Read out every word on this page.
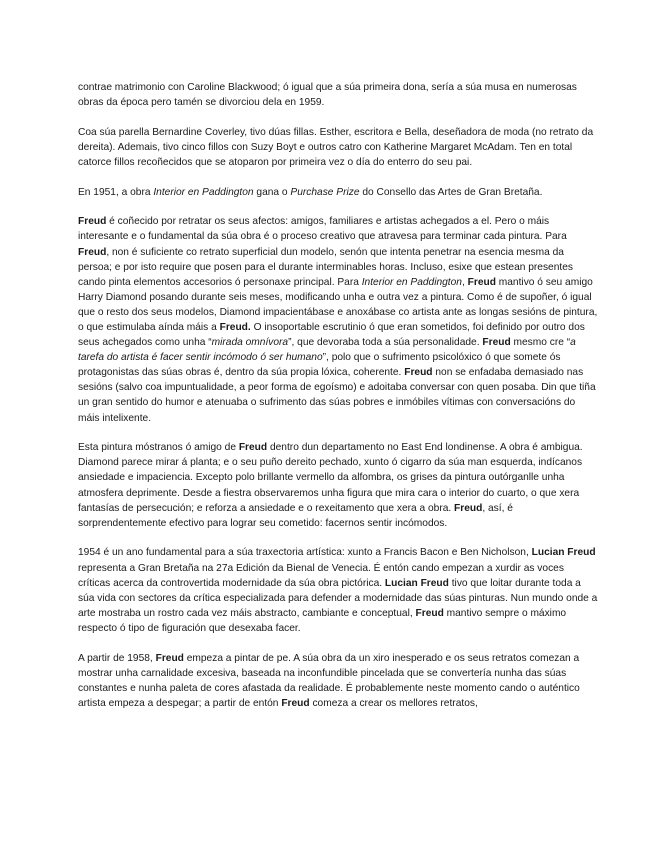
contrae matrimonio con Caroline Blackwood; ó igual que a súa primeira dona, sería a súa musa en numerosas obras da época pero tamén se divorciou dela en 1959.

Coa súa parella Bernardine Coverley, tivo dúas fillas. Esther, escritora e Bella, deseñadora de moda (no retrato da dereita). Ademais, tivo cinco fillos con Suzy Boyt e outros catro con Katherine Margaret McAdam. Ten en total catorce fillos recoñecidos que se atoparon por primeira vez o día do enterro do seu pai.

En 1951, a obra Interior en Paddington gana o Purchase Prize do Consello das Artes de Gran Bretaña.

Freud é coñecido por retratar os seus afectos: amigos, familiares e artistas achegados a el. Pero o máis interesante e o fundamental da súa obra é o proceso creativo que atravesa para terminar cada pintura. Para Freud, non é suficiente co retrato superficial dun modelo, senón que intenta penetrar na esencia mesma da persoa; e por isto require que posen para el durante interminables horas. Incluso, esixe que estean presentes cando pinta elementos accesorios ó personaxe principal. Para Interior en Paddington, Freud mantivo ó seu amigo Harry Diamond posando durante seis meses, modificando unha e outra vez a pintura. Como é de supoñer, ó igual que o resto dos seus modelos, Diamond impacientábase e anoxábase co artista ante as longas sesións de pintura, o que estimulaba aínda máis a Freud. O insoportable escrutinio ó que eran sometidos, foi definido por outro dos seus achegados como unha “mirada omnívora”, que devoraba toda a súa personalidade. Freud mesmo cre “a tarefa do artista é facer sentir incómodo ó ser humano”, polo que o sufrimento psicolóxico ó que somete ós protagonistas das súas obras é, dentro da súa propia lóxica, coherente. Freud non se enfadaba demasiado nas sesións (salvo coa impuntualidade, a peor forma de egoísmo) e adoitaba conversar con quen posaba. Din que tiña un gran sentido do humor e atenuaba o sufrimento das súas pobres e inmóbiles vítimas con conversacións do máis intelixente.

Esta pintura móstranos ó amigo de Freud dentro dun departamento no East End londinense. A obra é ambigua. Diamond parece mirar á planta; e o seu puño dereito pechado, xunto ó cigarro da súa man esquerda, indícanos ansiedade e impaciencia. Excepto polo brillante vermello da alfombra, os grises da pintura outórganlle unha atmosfera deprimente. Desde a fiestra observaremos unha figura que mira cara o interior do cuarto, o que xera fantasías de persecución; e reforza a ansiedade e o rexeitamento que xera a obra. Freud, así, é sorprendentemente efectivo para lograr seu cometido: facernos sentir incómodos.

1954 é un ano fundamental para a súa traxectoria artística: xunto a Francis Bacon e Ben Nicholson, Lucian Freud representa a Gran Bretaña na 27a Edición da Bienal de Venecia. É entón cando empezan a xurdir as voces críticas acerca da controvertida modernidade da súa obra pictórica. Lucian Freud tivo que loitar durante toda a súa vida con sectores da crítica especializada para defender a modernidade das súas pinturas. Nun mundo onde a arte mostraba un rostro cada vez máis abstracto, cambiante e conceptual, Freud mantivo sempre o máximo respecto ó tipo de figuración que desexaba facer.

A partir de 1958, Freud empeza a pintar de pe. A súa obra da un xiro inesperado e os seus retratos comezan a mostrar unha carnalidade excesiva, baseada na inconfundible pincelada que se convertería nunha das súas constantes e nunha paleta de cores afastada da realidade. É probablemente neste momento cando o auténtico artista empeza a despegar; a partir de entón Freud comeza a crear os mellores retratos,
